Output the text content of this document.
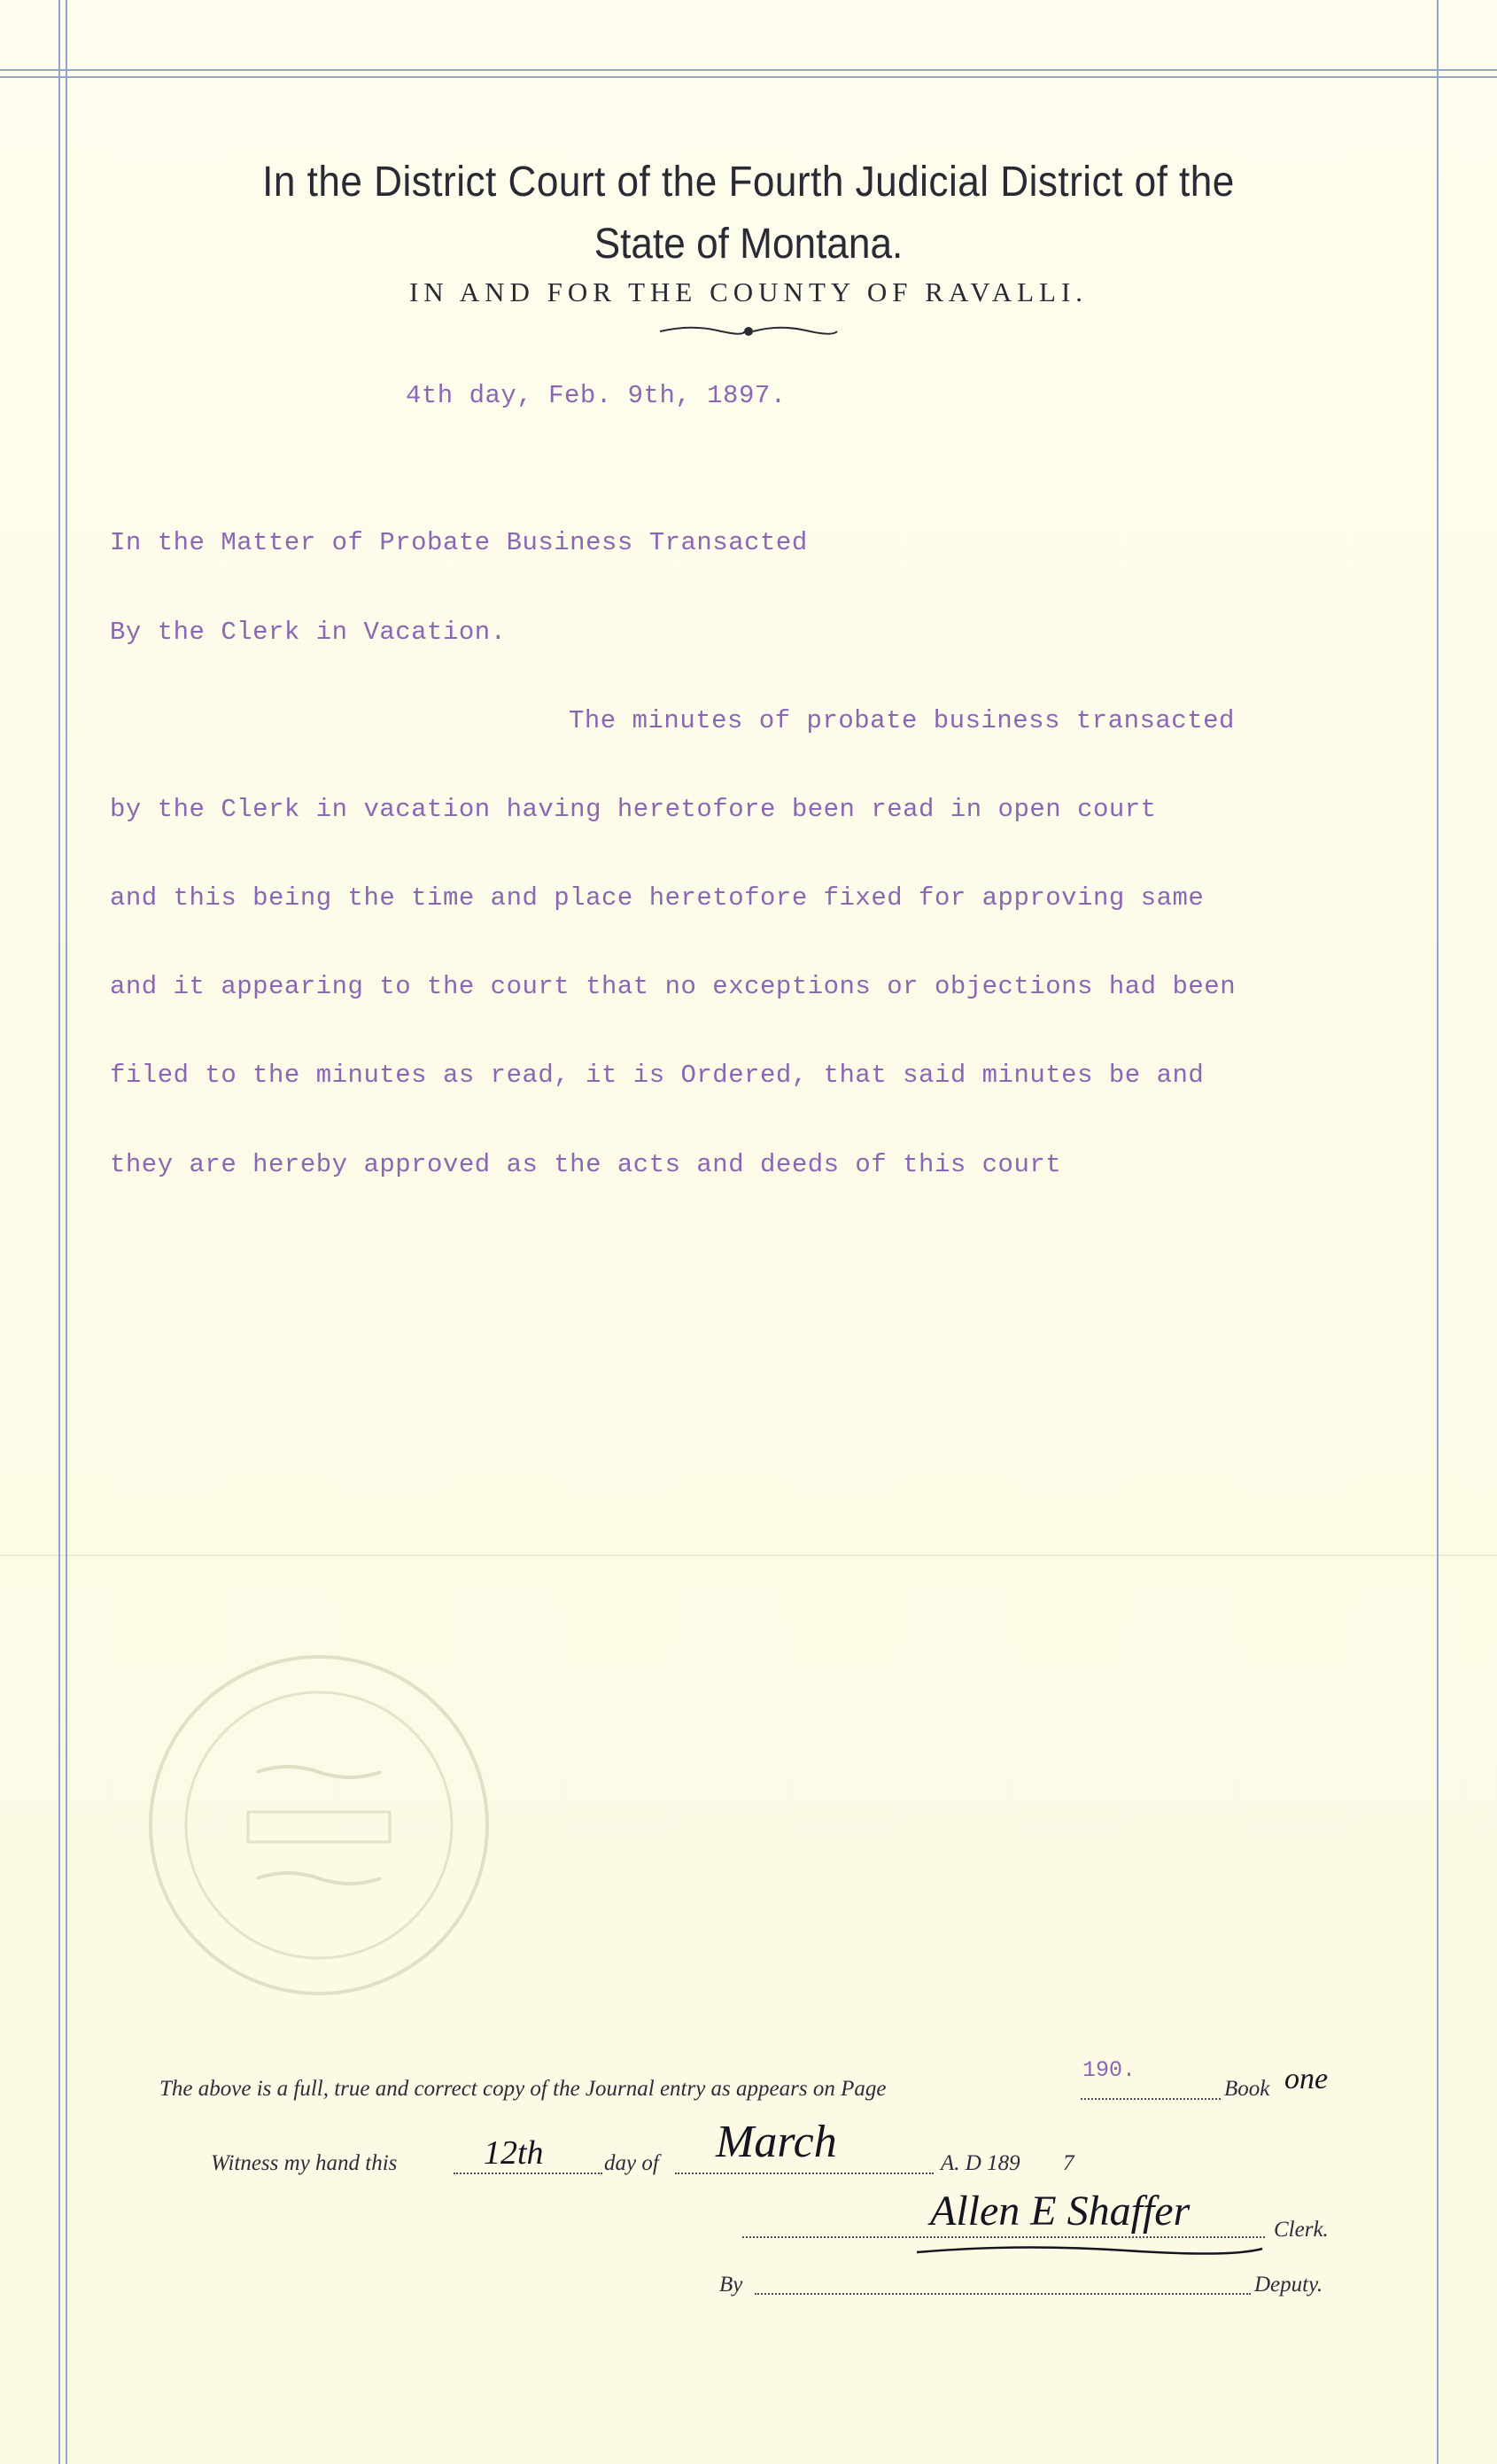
In the District Court of the Fourth Judicial District of the
State of Montana.
IN AND FOR THE COUNTY OF RAVALLI.
4th day, Feb. 9th, 1897.
In the Matter of Probate Business Transacted
By the Clerk in Vacation.
The minutes of probate business transacted
by the Clerk in vacation having heretofore been read in open court
and this being the time and place heretofore fixed for approving same
and it appearing to the court that no exceptions or objections had been
filed to the minutes as read, it is Ordered, that said minutes be and
they are hereby approved as the acts and deeds of this court
The above is a full, true and correct copy of the Journal entry as appears on Page
190.
Book one
Witness my hand this	12th	day of March	A. D 189 7
Allen E Shaffer	Clerk.
By	Deputy.
